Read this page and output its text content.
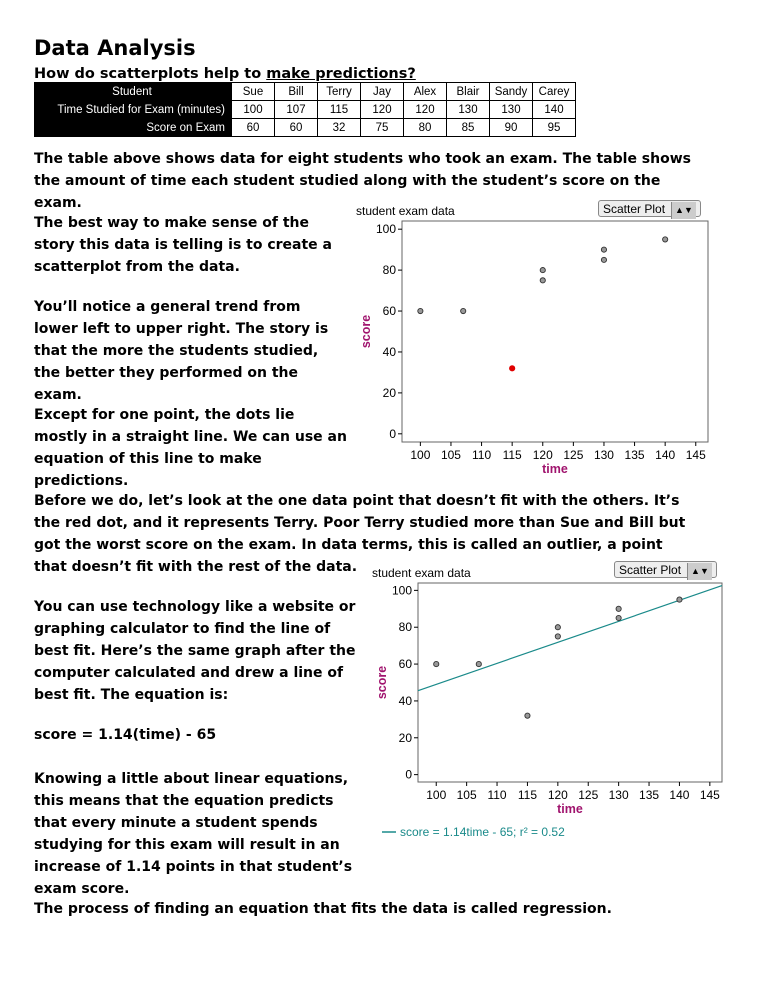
Data Analysis
How do scatterplots help to make predictions?
Student	Sue	Bill	Terry	Jay	Alex	Blair	Sandy	Carey
Time Studied for Exam (minutes)	100	107	115	120	120	130	130	140
Score on Exam	60	60	32	75	80	85	90	95
The table above shows data for eight students who took an exam. The table shows the amount of time each student studied along with the student’s score on the exam.
The best way to make sense of the story this data is telling is to create a scatterplot from the data.
You’ll notice a general trend from lower left to upper right. The story is that the more the students studied, the better they performed on the exam.
Except for one point, the dots lie mostly in a straight line. We can use an equation of this line to make predictions.
Before we do, let’s look at the one data point that doesn’t fit with the others. It’s the red dot, and it represents Terry. Poor Terry studied more than Sue and Bill but got the worst score on the exam. In data terms, this is called an outlier, a point that doesn’t fit with the rest of the data.
You can use technology like a website or graphing calculator to find the line of best fit. Here’s the same graph after the computer calculated and drew a line of best fit. The equation is:
score = 1.14(time) - 65
Knowing a little about linear equations, this means that the equation predicts that every minute a student spends studying for this exam will result in an increase of 1.14 points in that student’s exam score.
The process of finding an equation that fits the data is called regression.
student exam data	Scatter Plot ▲▼
0
20
40
60
80
100
100 105 110 115 120 125 130 135 140 145
time
score
student exam data	Scatter Plot ▲▼
0
20
40
60
80
100
100 105 110 115 120 125 130 135 140 145
time
score
score = 1.14time - 65; r² = 0.52
